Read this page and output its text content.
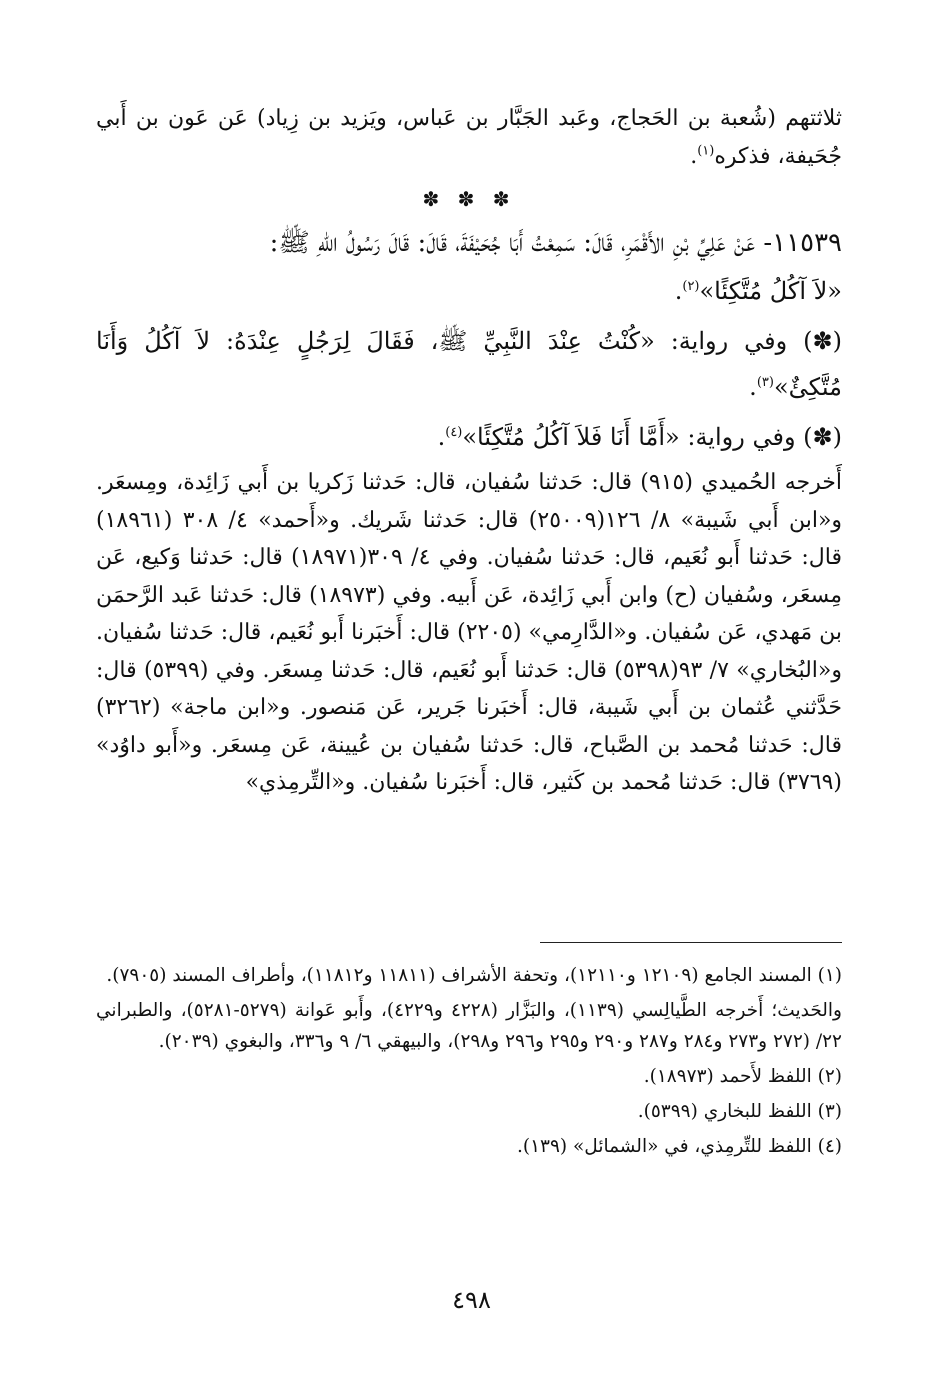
ثلاثتهم (شُعبة بن الحَجاج، وعَبد الجَبَّار بن عَباس، ويَزيد بن زِياد) عَن عَون بن أَبي جُحَيفة، فذكره$^{(١)}$.

✽ ✽ ✽

١١٥٣٩- عَنْ عَلِيِّ بْنِ الأَقْمَرِ، قَالَ: سَمِعْتُ أَبَا جُحَيْفَةَ، قَالَ: قَالَ رَسُولُ اللهِ ﷺ:

«لاَ آكُلُ مُتَّكِئًا»$^{(٢)}$.

(✽) وفي رواية: «كُنْتُ عِنْدَ النَّبِيِّ ﷺ، فَقَالَ لِرَجُلٍ عِنْدَهُ: لاَ آكُلُ وَأَنَا مُتَّكِئٌ»$^{(٣)}$.

(✽) وفي رواية: «أَمَّا أَنَا فَلاَ آكُلُ مُتَّكِئًا»$^{(٤)}$.

أَخرجه الحُميدي (٩١٥) قال: حَدثنا سُفيان، قال: حَدثنا زَكريا بن أَبي زَائِدة، ومِسعَر. و«ابن أَبي شَيبة» ٨/ ١٢٦(٢٥٠٠٩) قال: حَدثنا شَريك. و«أَحمد» ٤/ ٣٠٨ (١٨٩٦١) قال: حَدثنا أَبو نُعَيم، قال: حَدثنا سُفيان. وفي ٤/ ٣٠٩(١٨٩٧١) قال: حَدثنا وَكيع، عَن مِسعَر، وسُفيان (ح) وابن أَبي زَائِدة، عَن أَبيه. وفي (١٨٩٧٣) قال: حَدثنا عَبد الرَّحمَن بن مَهدي، عَن سُفيان. و«الدَّارِمي» (٢٢٠٥) قال: أَخبَرنا أَبو نُعَيم، قال: حَدثنا سُفيان. و«البُخاري» ٧/ ٩٣(٥٣٩٨) قال: حَدثنا أَبو نُعَيم، قال: حَدثنا مِسعَر. وفي (٥٣٩٩) قال: حَدَّثني عُثمان بن أَبي شَيبة، قال: أَخبَرنا جَرير، عَن مَنصور. و«ابن ماجة» (٣٢٦٢) قال: حَدثنا مُحمد بن الصَّباح، قال: حَدثنا سُفيان بن عُيينة، عَن مِسعَر. و«أَبو داوُد» (٣٧٦٩) قال: حَدثنا مُحمد بن كَثير، قال: أَخبَرنا سُفيان. و«التِّرمِذي»

(١) المسند الجامع (١٢١٠٩ و١٢١١٠)، وتحفة الأشراف (١١٨١١ و١١٨١٢)، وأطراف المسند (٧٩٠٥).

والحَديث؛ أَخرجه الطَّيالِسي (١١٣٩)، والبَزَّار (٤٢٢٨ و٤٢٢٩)، وأَبو عَوانة (٥٢٧٩-٥٢٨١)، والطبراني ٢٢/ (٢٧٢ و٢٧٣ و٢٨٤ و٢٨٧ و٢٩٠ و٢٩٥ و٢٩٦ و٢٩٨)، والبيهقي ٦/ ٩ و٣٣٦، والبغوي (٢٠٣٩).

(٢) اللفظ لأَحمد (١٨٩٧٣).

(٣) اللفظ للبخاري (٥٣٩٩).

(٤) اللفظ للتِّرمِذي، في «الشمائل» (١٣٩).

٤٩٨
